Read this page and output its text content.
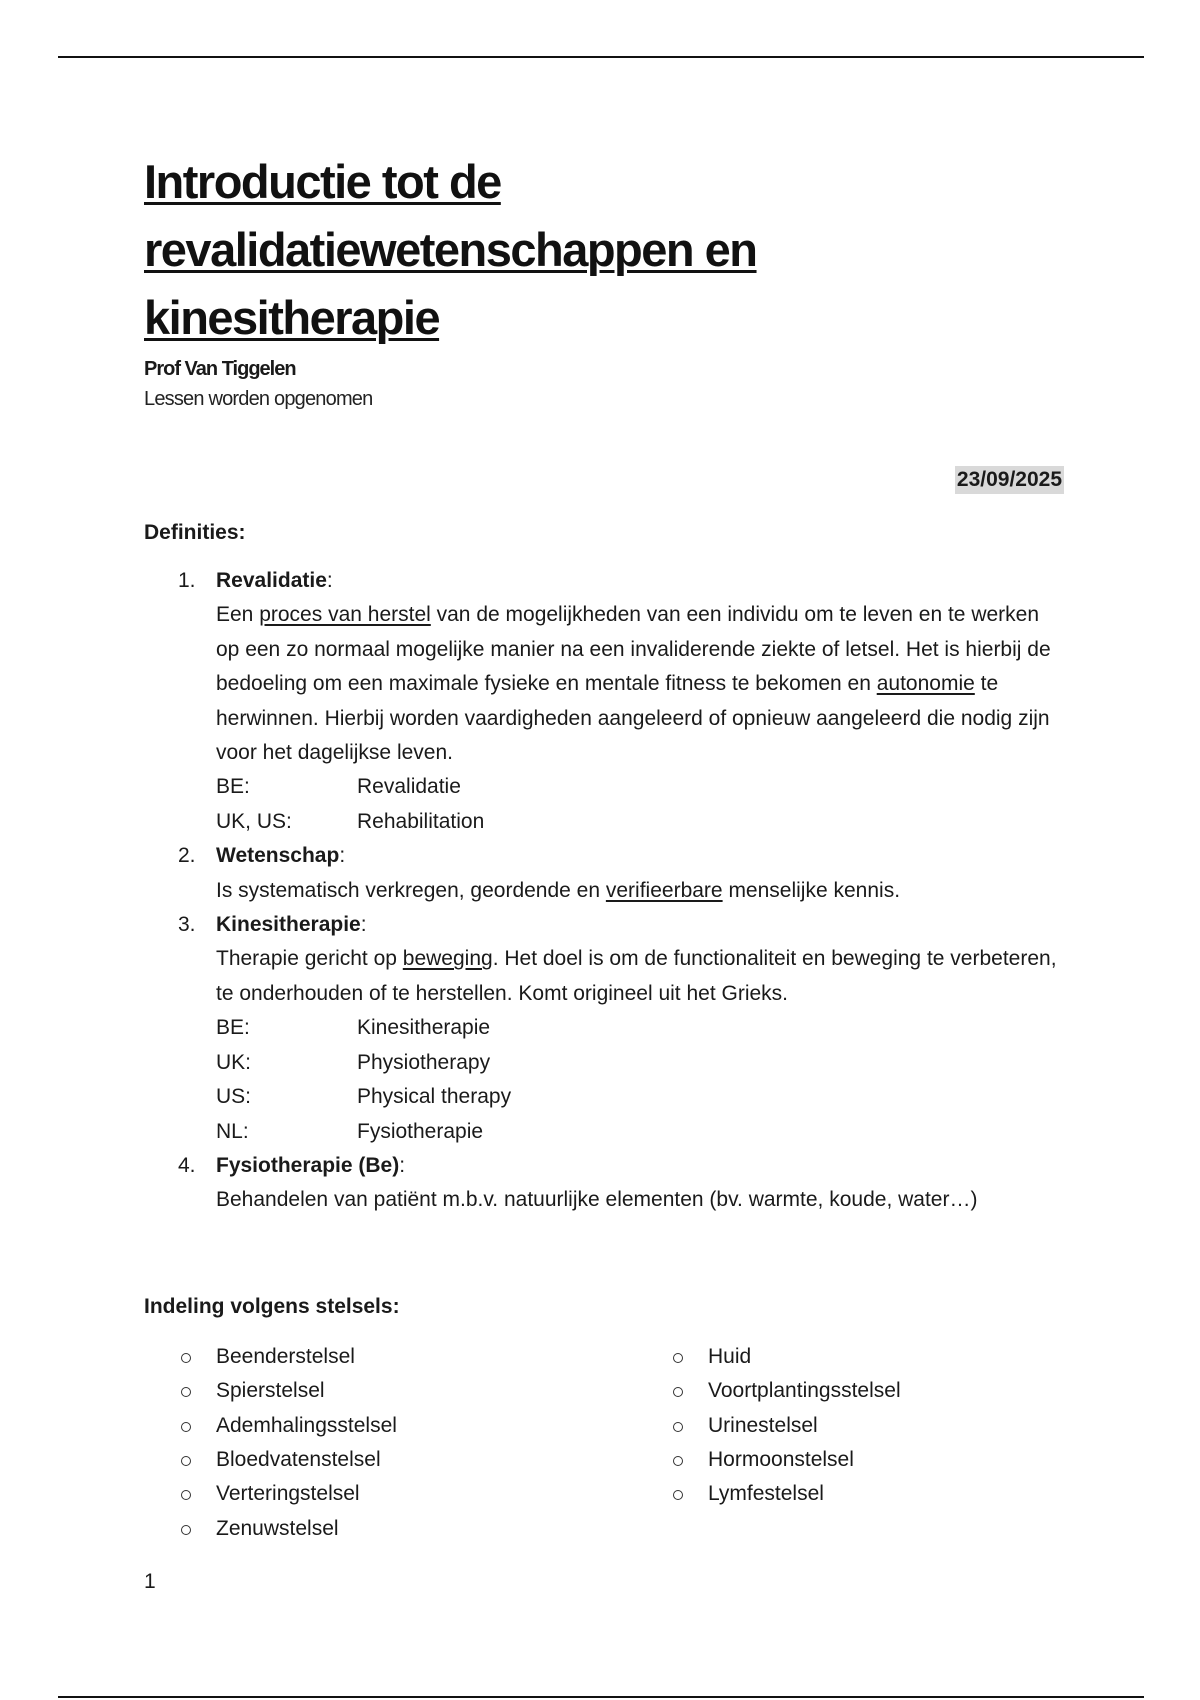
Introductie tot de
revalidatiewetenschappen en
kinesitherapie
Prof Van Tiggelen
Lessen worden opgenomen
23/09/2025
Definities:
1. Revalidatie:
Een proces van herstel van de mogelijkheden van een individu om te leven en te werken op een zo normaal mogelijke manier na een invaliderende ziekte of letsel. Het is hierbij de bedoeling om een maximale fysieke en mentale fitness te bekomen en autonomie te herwinnen. Hierbij worden vaardigheden aangeleerd of opnieuw aangeleerd die nodig zijn voor het dagelijkse leven.
BE:	Revalidatie
UK, US:	Rehabilitation
2. Wetenschap:
Is systematisch verkregen, geordende en verifieerbare menselijke kennis.
3. Kinesitherapie:
Therapie gericht op beweging. Het doel is om de functionaliteit en beweging te verbeteren, te onderhouden of te herstellen. Komt origineel uit het Grieks.
BE:	Kinesitherapie
UK:	Physiotherapy
US:	Physical therapy
NL:	Fysiotherapie
4. Fysiotherapie (Be):
Behandelen van patiënt m.b.v. natuurlijke elementen (bv. warmte, koude, water…)
Indeling volgens stelsels:
Beenderstelsel
Spierstelsel
Ademhalingsstelsel
Bloedvatenstelsel
Verteringstelsel
Zenuwstelsel
Huid
Voortplantingsstelsel
Urinestelsel
Hormoonstelsel
Lymfestelsel
1
